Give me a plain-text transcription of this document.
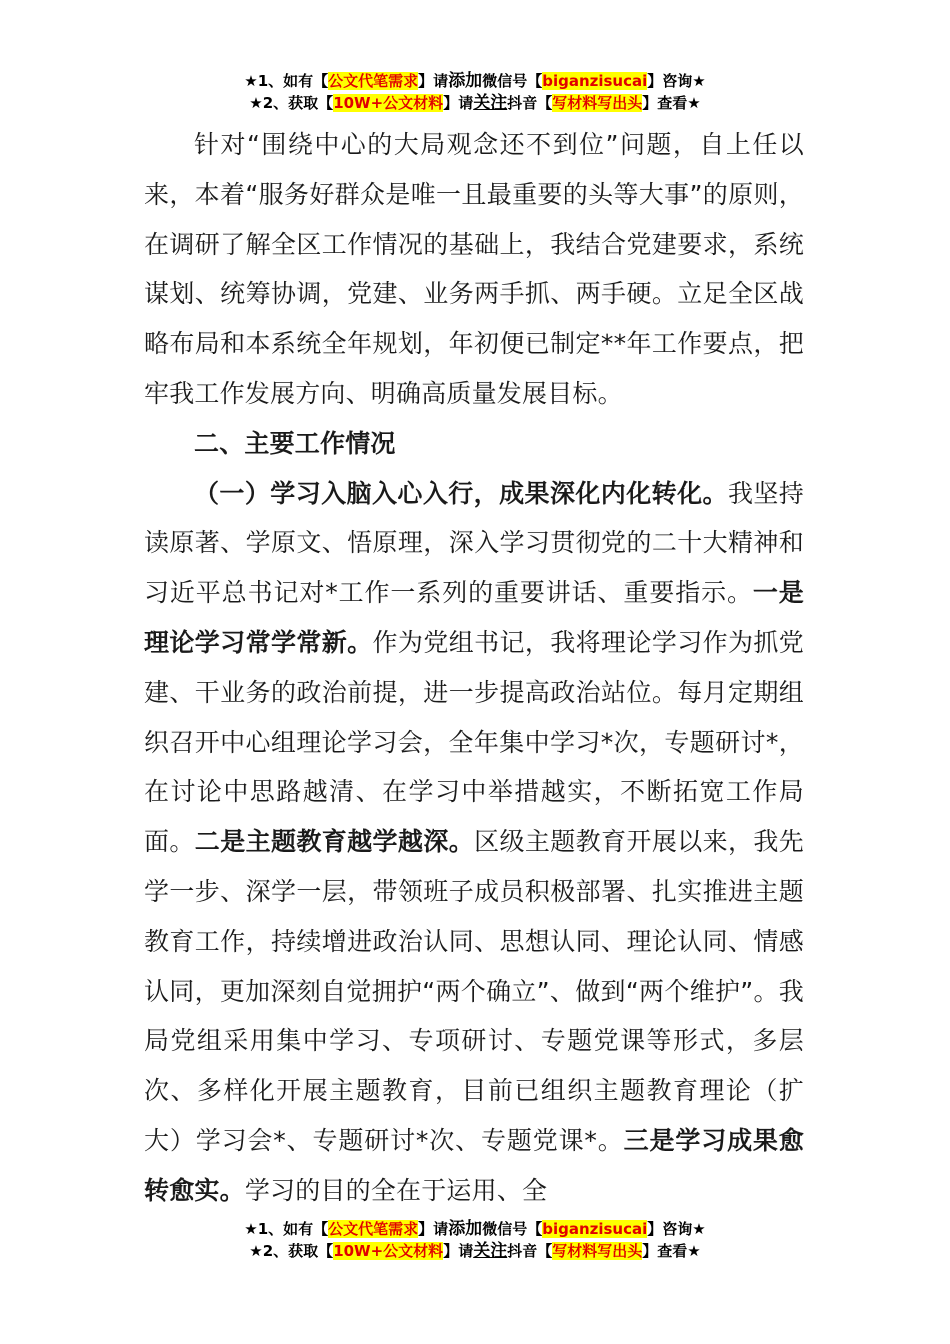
★1、如有【公文代笔需求】请添加微信号【biganzisucai】咨询★
★2、获取【10W+公文材料】请关注抖音【写材料写出头】查看★

针对“围绕中心的大局观念还不到位”问题，自上任以来，本着“服务好群众是唯一且最重要的头等大事”的原则，在调研了解全区工作情况的基础上，我结合党建要求，系统谋划、统筹协调，党建、业务两手抓、两手硬。立足全区战略布局和本系统全年规划，年初便已制定**年工作要点，把牢我工作发展方向、明确高质量发展目标。

二、主要工作情况

（一）学习入脑入心入行，成果深化内化转化。我坚持读原著、学原文、悟原理，深入学习贯彻党的二十大精神和习近平总书记对*工作一系列的重要讲话、重要指示。一是理论学习常学常新。作为党组书记，我将理论学习作为抓党建、干业务的政治前提，进一步提高政治站位。每月定期组织召开中心组理论学习会，全年集中学习*次，专题研讨*，在讨论中思路越清、在学习中举措越实，不断拓宽工作局面。二是主题教育越学越深。区级主题教育开展以来，我先学一步、深学一层，带领班子成员积极部署、扎实推进主题教育工作，持续增进政治认同、思想认同、理论认同、情感认同，更加深刻自觉拥护“两个确立”、做到“两个维护”。我局党组采用集中学习、专项研讨、专题党课等形式，多层次、多样化开展主题教育，目前已组织主题教育理论（扩大）学习会*、专题研讨*次、专题党课*。三是学习成果愈转愈实。学习的目的全在于运用、全

★1、如有【公文代笔需求】请添加微信号【biganzisucai】咨询★
★2、获取【10W+公文材料】请关注抖音【写材料写出头】查看★
